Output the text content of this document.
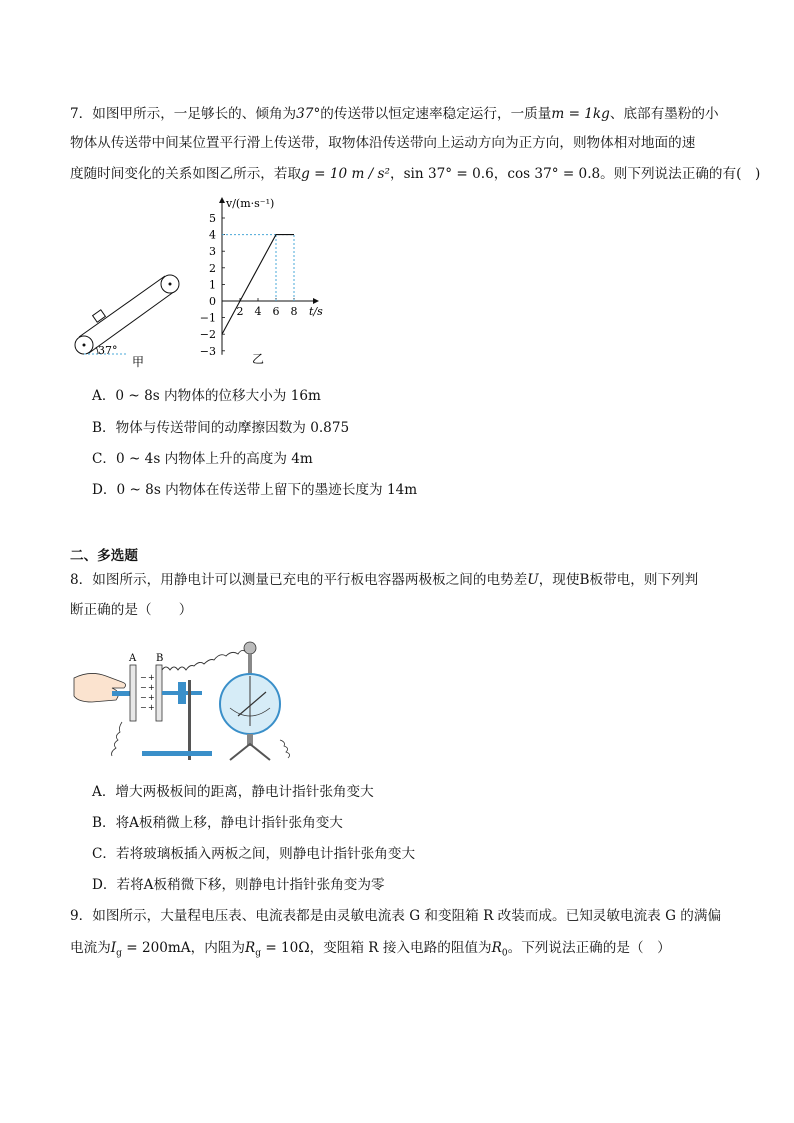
7．如图甲所示，一足够长的、倾角为37°的传送带以恒定速率稳定运行，一质量m = 1kg、底部有墨粉的小
物体从传送带中间某位置平行滑上传送带，取物体沿传送带向上运动方向为正方向，则物体相对地面的速
度随时间变化的关系如图乙所示，若取g = 10 m / s²，sin 37° = 0.6，cos 37° = 0.8。则下列说法正确的有(　)
37°
甲
5
4
3
2
1
0
−1
−2
−3
2 4 6 8
v/(m·s⁻¹)
t/s
乙
A．0 ~ 8s 内物体的位移大小为 16m
B．物体与传送带间的动摩擦因数为 0.875
C．0 ~ 4s 内物体上升的高度为 4m
D．0 ~ 8s 内物体在传送带上留下的墨迹长度为 14m
二、多选题
8．如图所示，用静电计可以测量已充电的平行板电容器两极板之间的电势差U，现使B板带电，则下列判
断正确的是（　　）
A
−
−
−
−
+
+
+
+
B
A．增大两极板间的距离，静电计指针张角变大
B．将A板稍微上移，静电计指针张角变大
C．若将玻璃板插入两板之间，则静电计指针张角变大
D．若将A板稍微下移，则静电计指针张角变为零
9．如图所示，大量程电压表、电流表都是由灵敏电流表 G 和变阻箱 R 改装而成。已知灵敏电流表 G 的满偏
电流为$I_g = 200mA$，内阻为$R_g = 10\Omega$，变阻箱 R 接入电路的阻值为$R_0$。下列说法正确的是（　）
